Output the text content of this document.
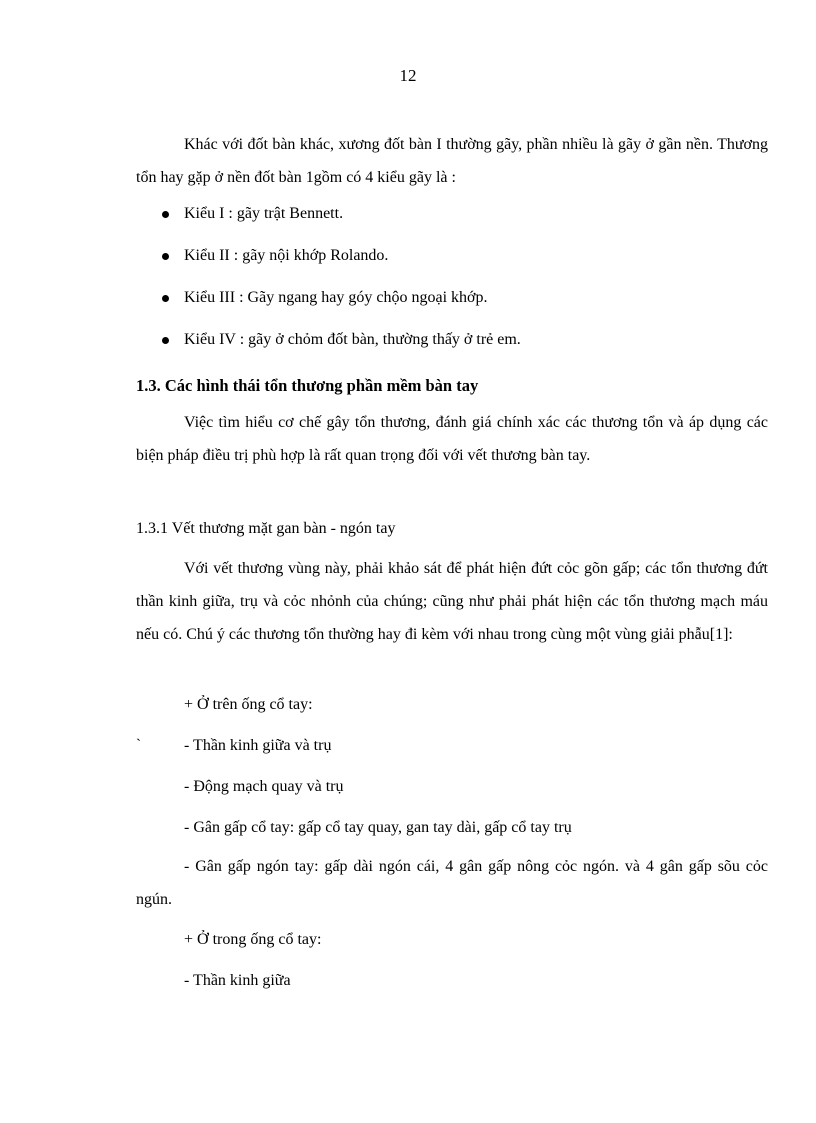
12

Khác với đốt bàn khác, xương đốt bàn I thường gãy, phần nhiều là gãy ở gần nền. Thương tổn hay gặp ở nền đốt bàn 1gồm có 4 kiểu gãy là :

Kiểu I : gãy trật Bennett.
Kiểu II : gãy nội khớp Rolando.
Kiểu III : Gãy ngang hay góy chộo ngoại khớp.
Kiểu IV : gãy ở chỏm đốt bàn, thường thấy ở trẻ em.
1.3. Các hình thái tổn thương phần mềm bàn tay

Việc tìm hiểu cơ chế gây tổn thương, đánh giá chính xác các thương tổn và áp dụng các biện pháp điều trị phù hợp là rất quan trọng đối với vết thương bàn tay.

1.3.1 Vết thương mặt gan bàn - ngón tay

Với vết thương vùng này, phải khảo sát để phát hiện đứt cỏc gõn gấp; các tổn thương đứt thần kinh giữa, trụ và cỏc nhỏnh của chúng; cũng như phải phát hiện các tổn thương mạch máu nếu có. Chú ý các thương tổn thường hay đi kèm với nhau trong cùng một vùng giải phẫu[1]:

+ Ở trên ống cổ tay:
`	- Thần kinh giữa và trụ
- Động mạch quay và trụ
- Gân gấp cổ tay: gấp cổ tay quay, gan tay dài, gấp cổ tay trụ

- Gân gấp ngón tay: gấp dài ngón cái, 4 gân gấp nông cỏc ngón. và 4 gân gấp sõu cỏc ngún.

+ Ở trong ống cổ tay:
- Thần kinh giữa
